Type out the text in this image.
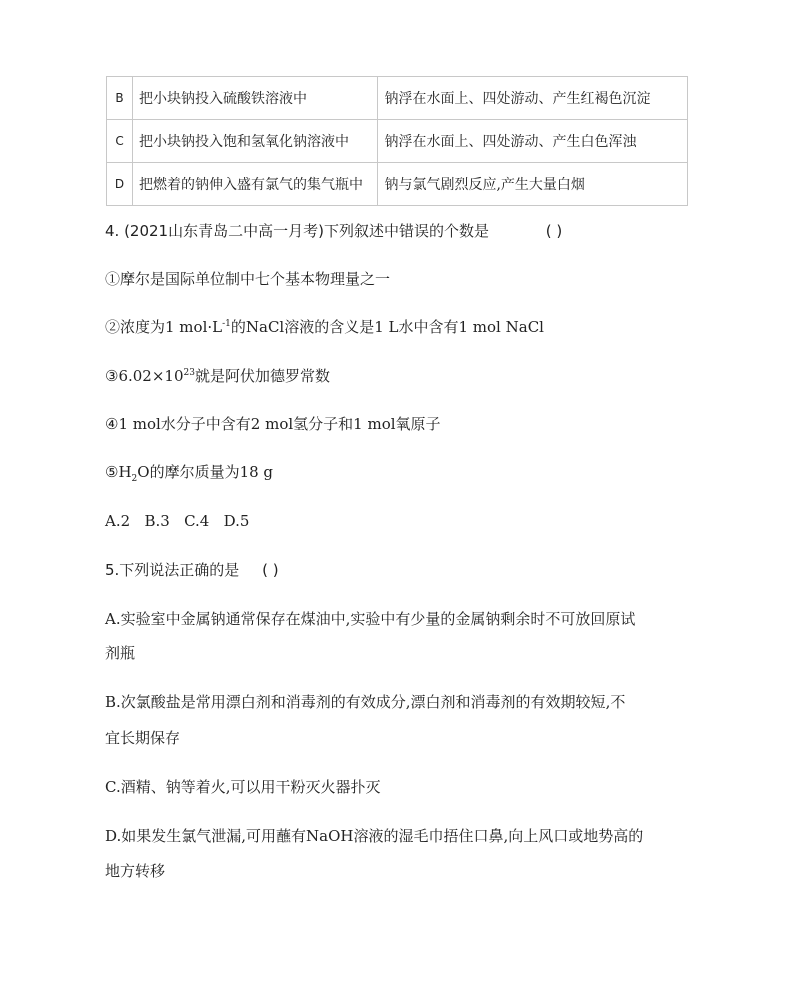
B	把小块钠投入硫酸铁溶液中	钠浮在水面上、四处游动、产生红褐色沉淀
C	把小块钠投入饱和氢氧化钠溶液中	钠浮在水面上、四处游动、产生白色浑浊
D	把燃着的钠伸入盛有氯气的集气瓶中	钠与氯气剧烈反应,产生大量白烟
4. (2021山东青岛二中高一月考)下列叙述中错误的个数是	( )
①摩尔是国际单位制中七个基本物理量之一
②浓度为1 $mol\cdot L^{-1}$的NaCl溶液的含义是1 L水中含有1 mol NaCl
$③6.02\times 10^{23}$就是阿伏加德罗常数
④1 mol水分子中含有2 mol氢分子和1 mol氧原子
$⑤H_2O$的摩尔质量为18 g
A.2   B.3   C.4   D.5
5.下列说法正确的是 ( )
A.实验室中金属钠通常保存在煤油中,实验中有少量的金属钠剩余时不可放回原试
剂瓶
B.次氯酸盐是常用漂白剂和消毒剂的有效成分,漂白剂和消毒剂的有效期较短,不
宜长期保存
C.酒精、钠等着火,可以用干粉灭火器扑灭
D.如果发生氯气泄漏,可用蘸有NaOH溶液的湿毛巾捂住口鼻,向上风口或地势高的
地方转移
